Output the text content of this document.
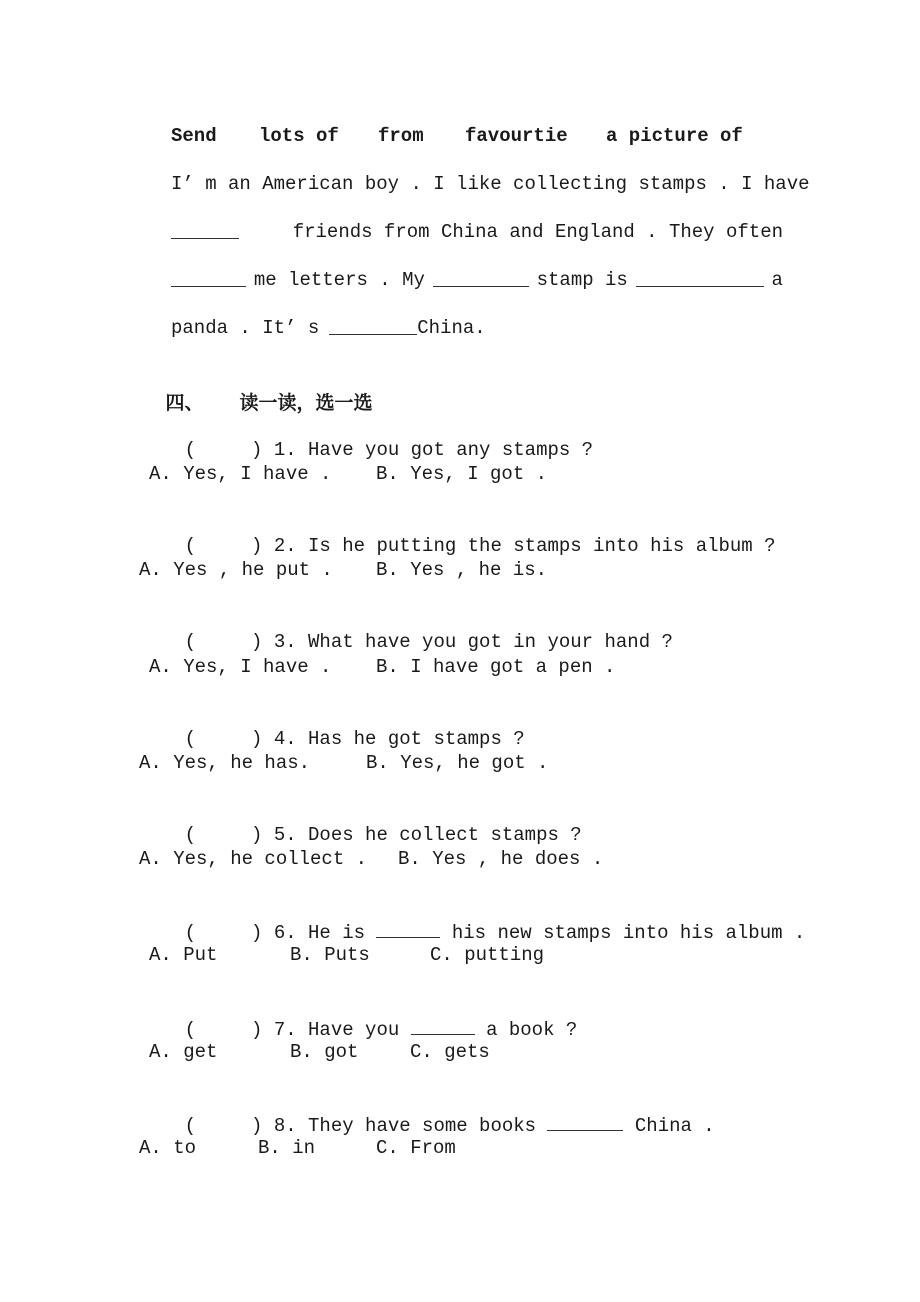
Send

lots of

from

favourtie

a picture of

I’ m an American boy . I like collecting stamps . I have
friends from China and England . They often
me letters . My	stamp is	a
panda . It’ s	China.

四、 读一读，选一选

(	) 1. Have you got any stamps ?

A. Yes, I have . B. Yes, I got .

(	) 2. Is he putting the stamps into his album ?

A. Yes , he put . B. Yes , he is.

(	) 3. What have you got in your hand ?

A. Yes, I have . B. I have got a pen .

(	) 4. Has he got stamps ?

A. Yes, he has.	B. Yes, he got .

(	) 5. Does he collect stamps ?

A. Yes, he collect . B. Yes , he does .

(	) 6. He is	his new stamps into his album .

A. Put	B. Puts	C. putting

(	) 7. Have you	a book ?

A. get	B. got	C. gets

(	) 8. They have some books	China .

A. to	B. in	C. From
